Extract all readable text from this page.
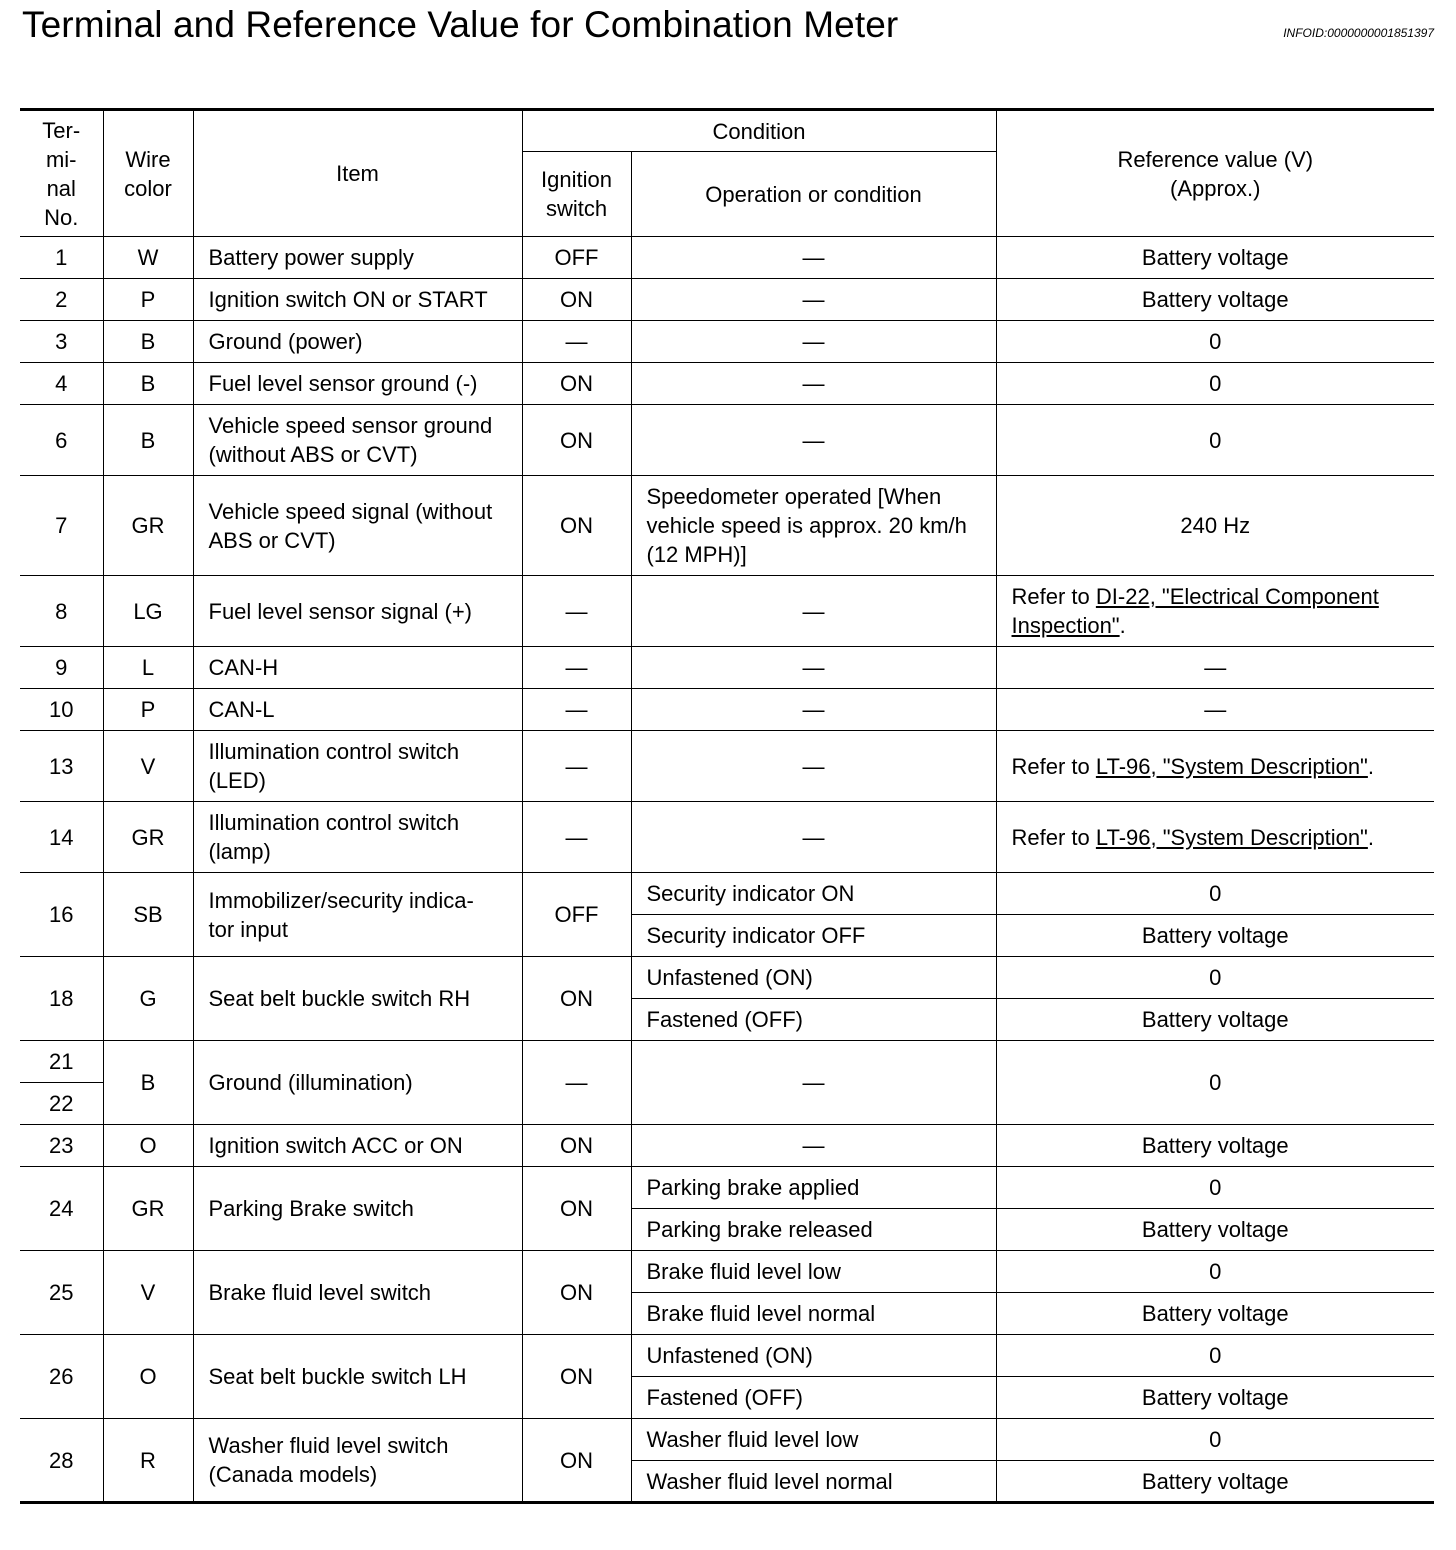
Terminal and Reference Value for Combination Meter	INFOID:0000000001851397
Ter-
mi-
nal
No.	Wire
color	Item	Condition		Reference value (V)
(Approx.)
			Ignition
switch	Operation or condition	
1	W	Battery power supply	OFF	—	Battery voltage
2	P	Ignition switch ON or START	ON	—	Battery voltage
3	B	Ground (power)	—	—	0
4	B	Fuel level sensor ground (-)	ON	—	0
6	B	Vehicle speed sensor ground (without ABS or CVT)	ON	—	0
7	GR	Vehicle speed signal (without ABS or CVT)	ON	Speedometer operated [When vehicle speed is approx. 20 km/h (12 MPH)]	240 Hz
8	LG	Fuel level sensor signal (+)	—	—	Refer to DI-22, "Electrical Component Inspection".
9	L	CAN-H	—	—	—
10	P	CAN-L	—	—	—
13	V	Illumination control switch (LED)	—	—	Refer to LT-96, "System Description".
14	GR	Illumination control switch (lamp)	—	—	Refer to LT-96, "System Description".
16	SB	Immobilizer/security indica-
tor input	OFF	Security indicator ON	0
				Security indicator OFF	Battery voltage
18	G	Seat belt buckle switch RH	ON	Unfastened (ON)	0
				Fastened (OFF)	Battery voltage
21	B	Ground (illumination)	—	—	0
22					
23	O	Ignition switch ACC or ON	ON	—	Battery voltage
24	GR	Parking Brake switch	ON	Parking brake applied	0
				Parking brake released	Battery voltage
25	V	Brake fluid level switch	ON	Brake fluid level low	0
				Brake fluid level normal	Battery voltage
26	O	Seat belt buckle switch LH	ON	Unfastened (ON)	0
				Fastened (OFF)	Battery voltage
28	R	Washer fluid level switch (Canada models)	ON	Washer fluid level low	0
				Washer fluid level normal	Battery voltage
